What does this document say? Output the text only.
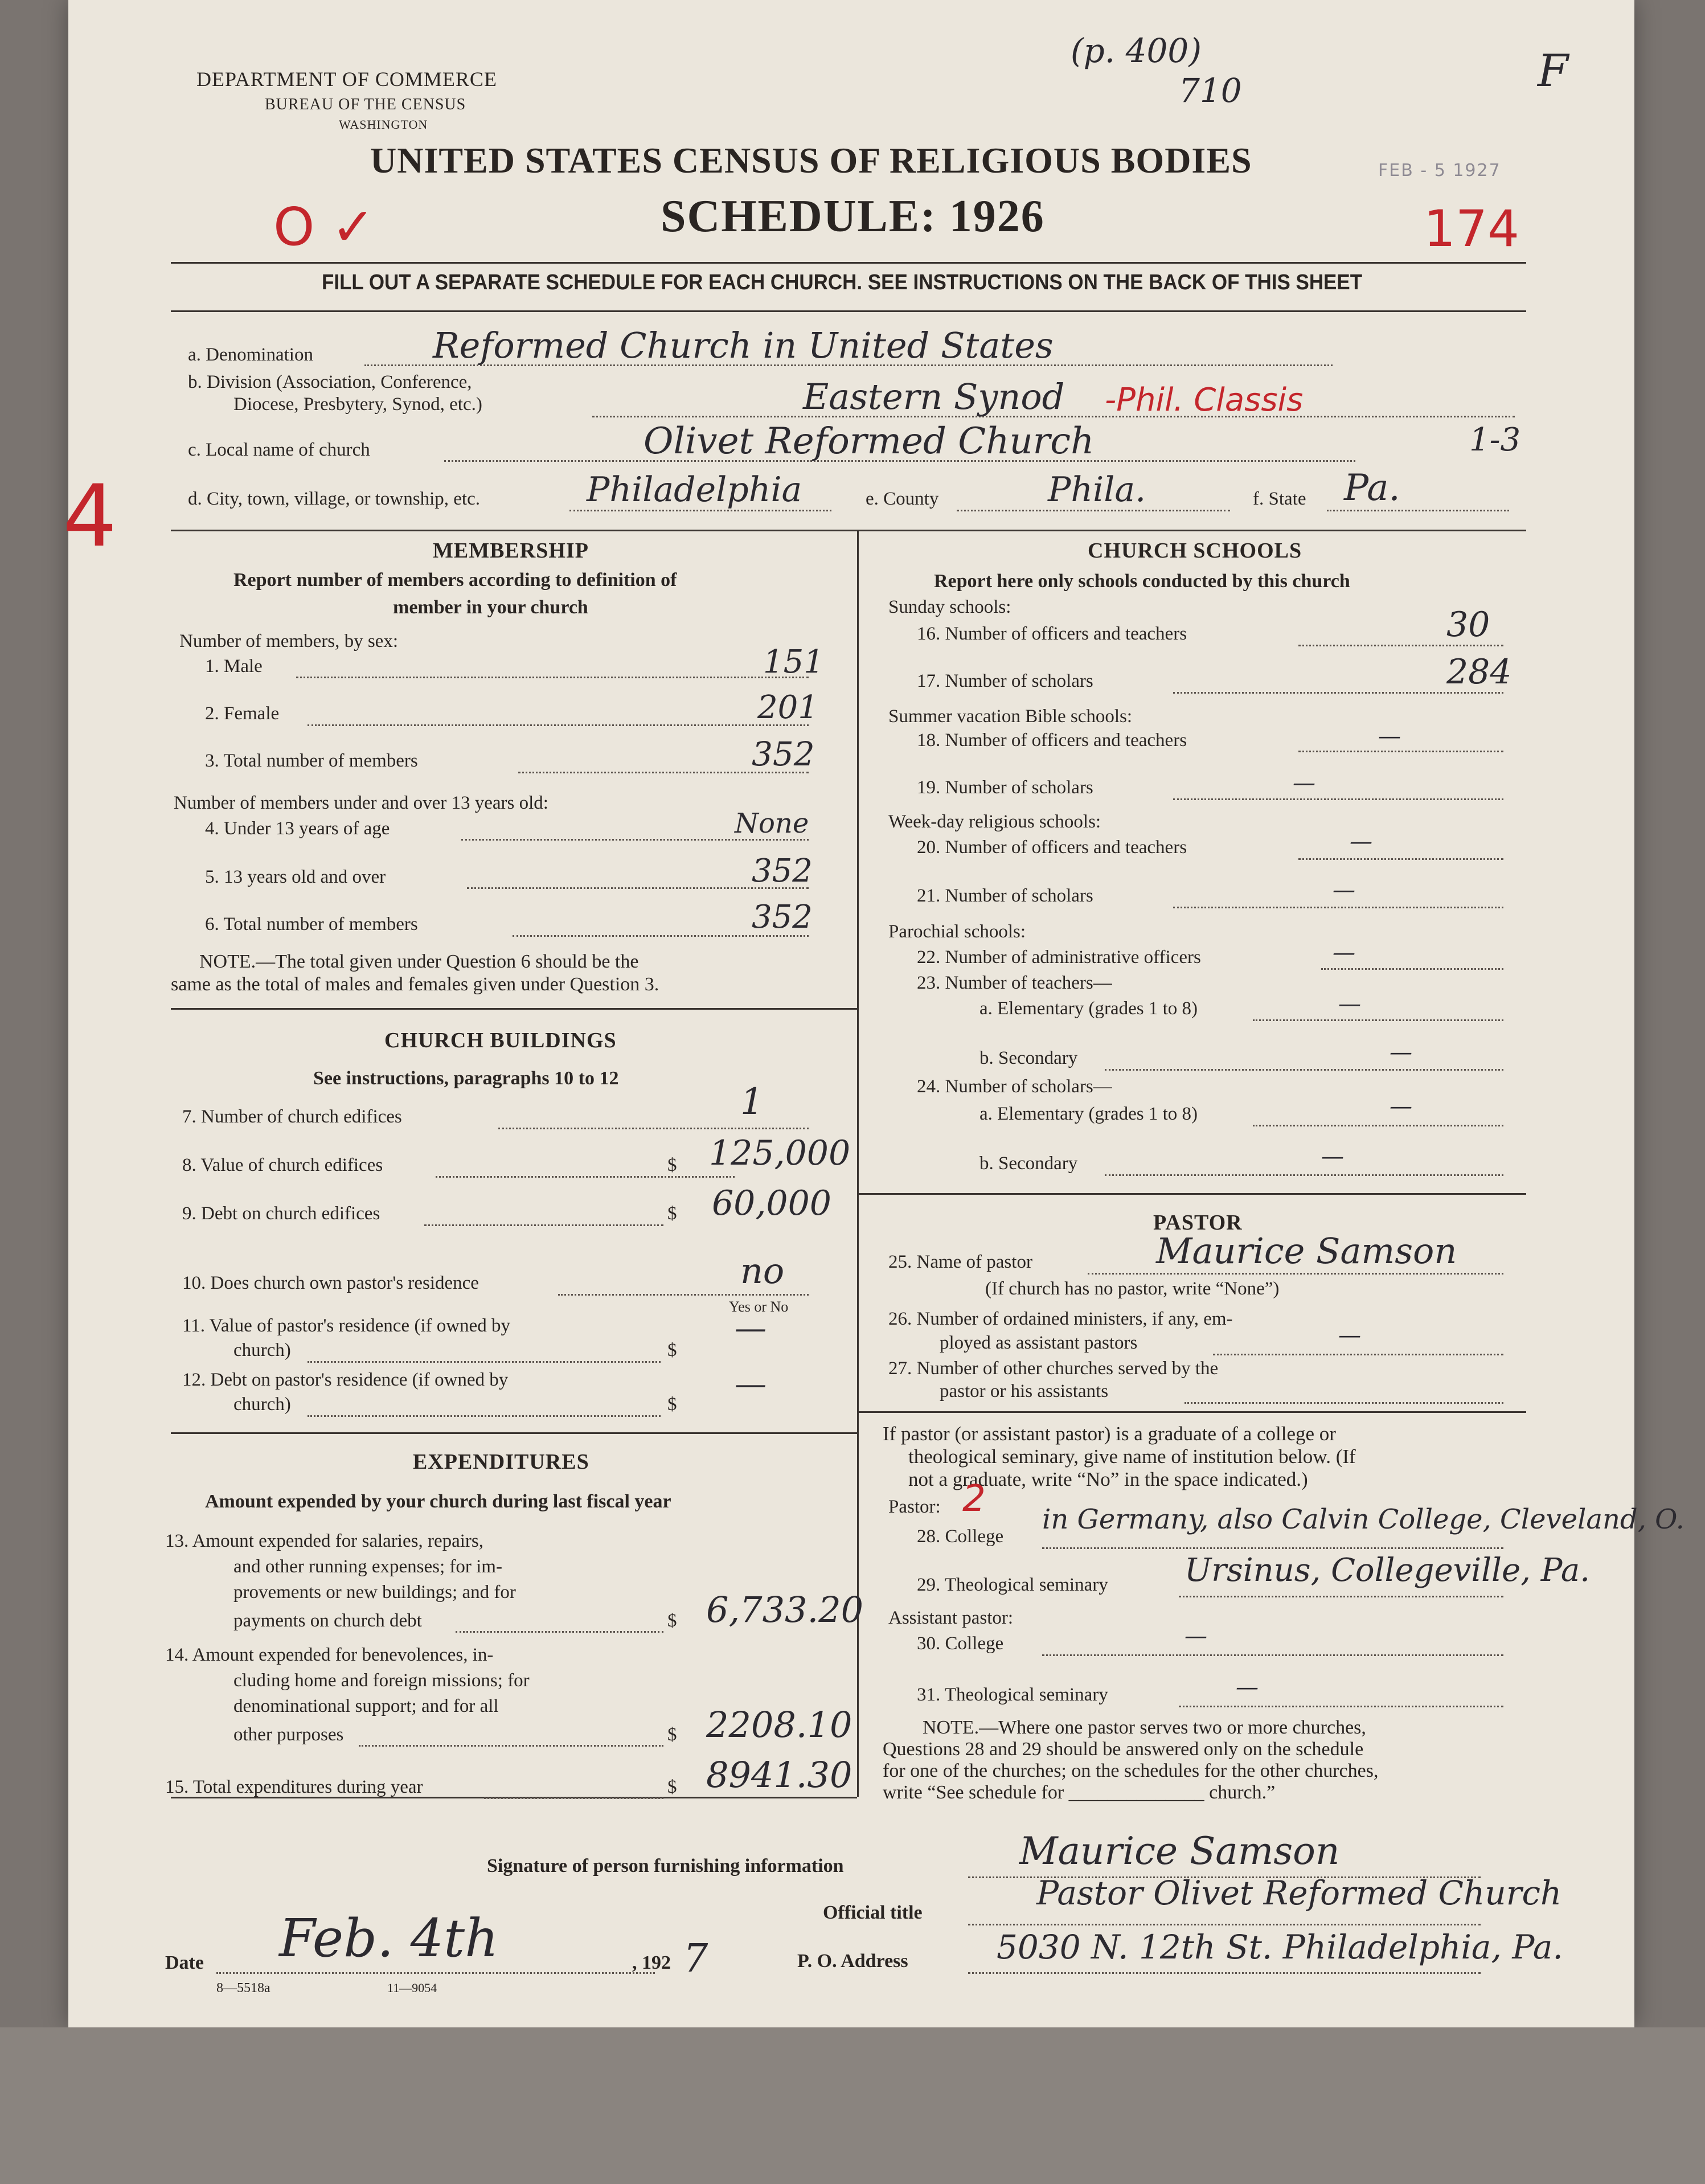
DEPARTMENT OF COMMERCE
BUREAU OF THE CENSUS
WASHINGTON
UNITED STATES CENSUS OF RELIGIOUS BODIES
SCHEDULE: 1926
FEB - 5 1927
FILL OUT A SEPARATE SCHEDULE FOR EACH CHURCH. SEE INSTRUCTIONS ON THE BACK OF THIS SHEET
(p. 400)
710	F
O ✓	174
1-3
4
a. Denomination	Reformed Church in United States
b. Division (Association, Conference,
Diocese, Presbytery, Synod, etc.)	Eastern Synod -Phil. Classis
c. Local name of church	Olivet Reformed Church
d. City, town, village, or township, etc.	Philadelphia	e. County	Phila.	f. State Pa.
MEMBERSHIP
Report number of members according to definition of
member in your church
Number of members, by sex:
1. Male	151
2. Female	201
3. Total number of members	352
Number of members under and over 13 years old:
4. Under 13 years of age	None
5. 13 years old and over	352
6. Total number of members	352
NOTE.—The total given under Question 6 should be the
same as the total of males and females given under Question 3.
CHURCH BUILDINGS
See instructions, paragraphs 10 to 12
7. Number of church edifices	1
8. Value of church edifices	$ 125,000
9. Debt on church edifices	$ 60,000
10. Does church own pastor's residence	no
Yes or No
11. Value of pastor's residence (if owned by
church)	$
—
12. Debt on pastor's residence (if owned by
church)	$
—
EXPENDITURES
Amount expended by your church during last fiscal year
13. Amount expended for salaries, repairs,
and other running expenses; for im-
provements or new buildings; and for
payments on church debt	$ 6,733.20
14. Amount expended for benevolences, in-
cluding home and foreign missions; for
denominational support; and for all
other purposes	$ 2208.10
15. Total expenditures during year	$ 8941.30
CHURCH SCHOOLS
Report here only schools conducted by this church
Sunday schools:
16. Number of officers and teachers	30
17. Number of scholars	284
Summer vacation Bible schools:
18. Number of officers and teachers	—
19. Number of scholars	—
Week-day religious schools:
20. Number of officers and teachers	—
21. Number of scholars	—
Parochial schools:
22. Number of administrative officers	—
23. Number of teachers—
a. Elementary (grades 1 to 8)	—
b. Secondary	—
24. Number of scholars—
a. Elementary (grades 1 to 8)	—
b. Secondary	—
PASTOR
25. Name of pastor	Maurice Samson
(If church has no pastor, write “None”)
26. Number of ordained ministers, if any, em-
ployed as assistant pastors	—
27. Number of other churches served by the
pastor or his assistants
If pastor (or assistant pastor) is a graduate of a college or
theological seminary, give name of institution below. (If
not a graduate, write “No” in the space indicated.)
Pastor: 2
28. College
in Germany, also Calvin College, Cleveland, O.
29. Theological seminary Ursinus, Collegeville, Pa.
Assistant pastor:
30. College	—
31. Theological seminary	—
NOTE.—Where one pastor serves two or more churches,
Questions 28 and 29 should be answered only on the schedule
for one of the churches; on the schedules for the other churches,
write “See schedule for ______________ church.”
Signature of person furnishing information	Maurice Samson
Official title
Pastor Olivet Reformed Church
Date Feb. 4th	, 192 7	P. O. Address	5030 N. 12th St. Philadelphia, Pa.
8—5518a	11—9054
